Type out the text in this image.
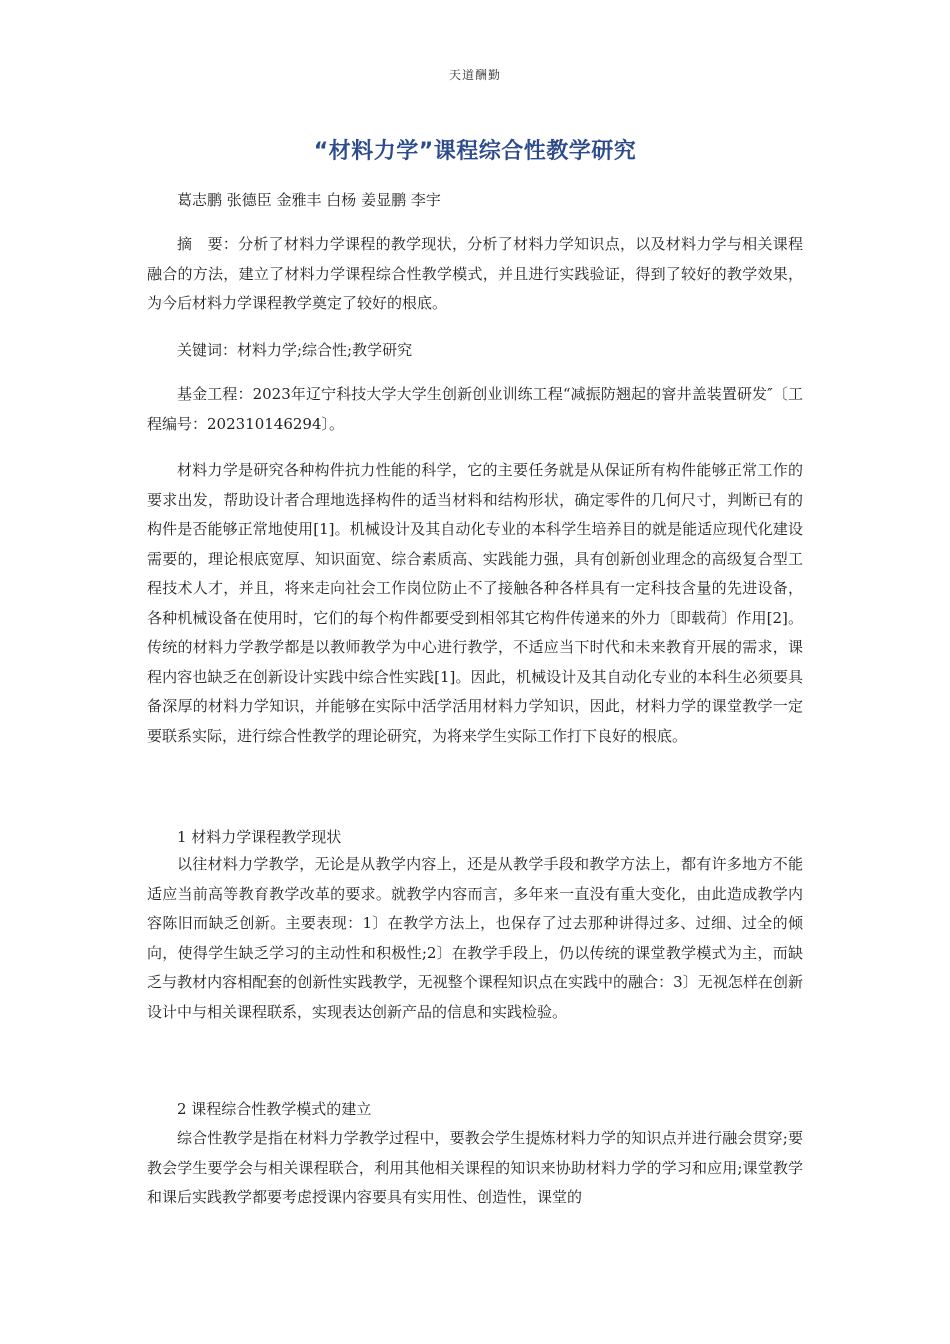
天道酬勤
“材料力学”课程综合性教学研究
葛志鹏 张德臣 金雅丰 白杨 姜显鹏 李宇

摘　要：分析了材料力学课程的教学现状，分析了材料力学知识点，以及材料力学与相关课程融合的方法，建立了材料力学课程综合性教学模式，并且进行实践验证，得到了较好的教学效果，为今后材料力学课程教学奠定了较好的根底。

关键词：材料力学;综合性;教学研究

基金工程：2023年辽宁科技大学大学生创新创业训练工程“减振防翘起的窨井盖装置研发″〔工程编号：202310146294〕。

材料力学是研究各种构件抗力性能的科学，它的主要任务就是从保证所有构件能够正常工作的要求出发，帮助设计者合理地选择构件的适当材料和结构形状，确定零件的几何尺寸，判断已有的构件是否能够正常地使用[1]。机械设计及其自动化专业的本科学生培养目的就是能适应现代化建设需要的，理论根底宽厚、知识面宽、综合素质高、实践能力强，具有创新创业理念的高级复合型工程技术人才，并且，将来走向社会工作岗位防止不了接触各种各样具有一定科技含量的先进设备，各种机械设备在使用时，它们的每个构件都要受到相邻其它构件传递来的外力〔即载荷〕作用[2]。传统的材料力学教学都是以教师教学为中心进行教学，不适应当下时代和未来教育开展的需求，课程内容也缺乏在创新设计实践中综合性实践[1]。因此，机械设计及其自动化专业的本科生必须要具备深厚的材料力学知识，并能够在实际中活学活用材料力学知识，因此，材料力学的课堂教学一定要联系实际，进行综合性教学的理论研究，为将来学生实际工作打下良好的根底。

1 材料力学课程教学现状

以往材料力学教学，无论是从教学内容上，还是从教学手段和教学方法上，都有许多地方不能适应当前高等教育教学改革的要求。就教学内容而言，多年来一直没有重大变化，由此造成教学内容陈旧而缺乏创新。主要表现：1〕在教学方法上，也保存了过去那种讲得过多、过细、过全的倾向，使得学生缺乏学习的主动性和积极性;2〕在教学手段上，仍以传统的课堂教学模式为主，而缺乏与教材内容相配套的创新性实践教学，无视整个课程知识点在实践中的融合：3〕无视怎样在创新设计中与相关课程联系，实现表达创新产品的信息和实践检验。

2 课程综合性教学模式的建立

综合性教学是指在材料力学教学过程中，要教会学生提炼材料力学的知识点并进行融会贯穿;要教会学生要学会与相关课程联合，利用其他相关课程的知识来协助材料力学的学习和应用;课堂教学和课后实践教学都要考虑授课内容要具有实用性、创造性，课堂的
